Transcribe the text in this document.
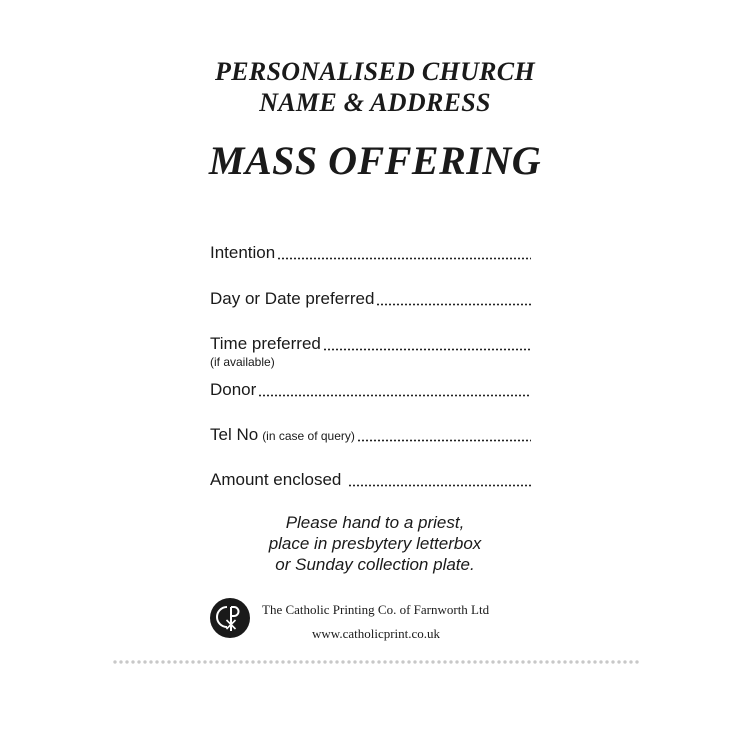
PERSONALISED CHURCH
NAME & ADDRESS
MASS OFFERING
Intention
Day or Date preferred
Time preferred
(if available)
Donor
Tel No (in case of query)
Amount enclosed
Please hand to a priest,
place in presbytery letterbox
or Sunday collection plate.
The Catholic Printing Co. of Farnworth Ltd
www.catholicprint.co.uk
